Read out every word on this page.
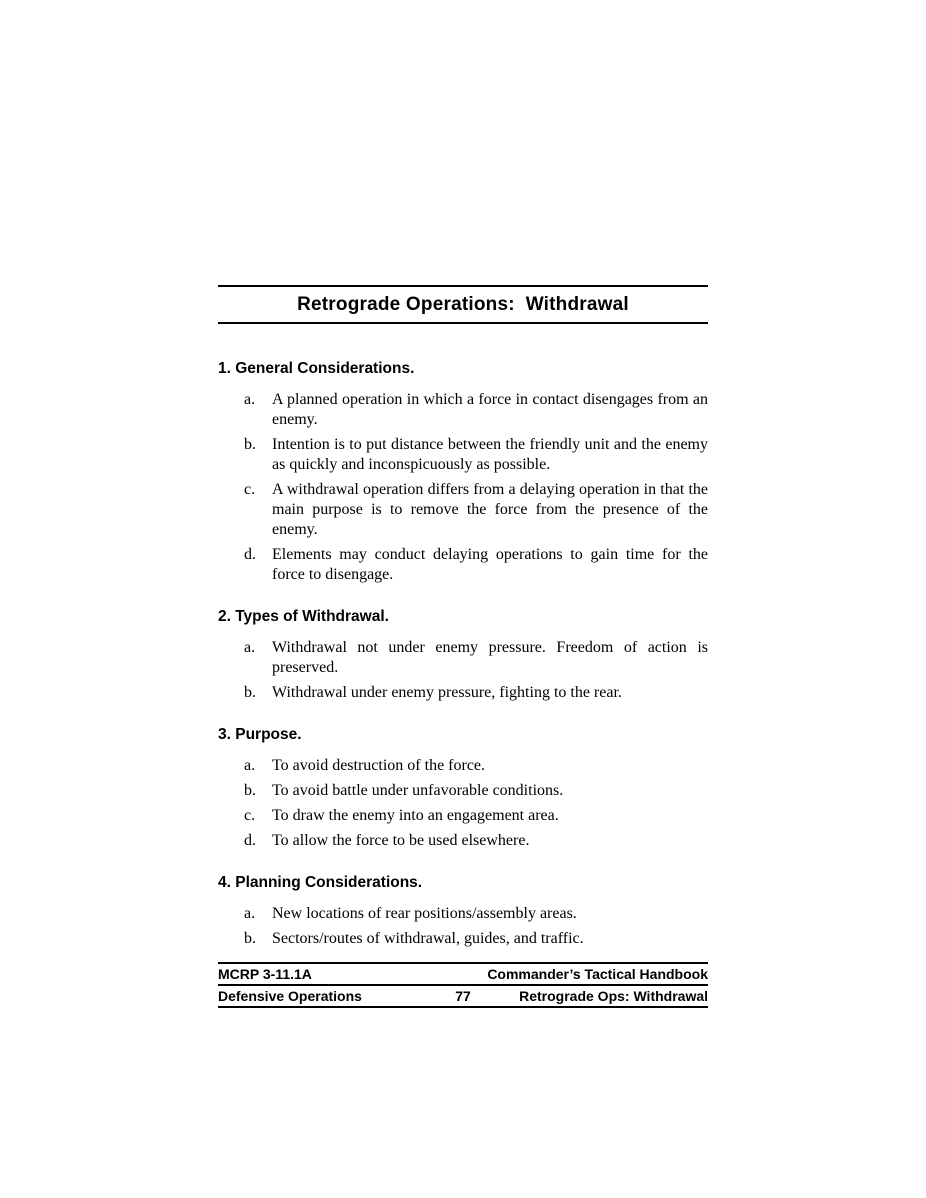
Retrograde Operations:  Withdrawal
1. General Considerations.
a.	A planned operation in which a force in contact disengages from an enemy.
b.	Intention is to put distance between the friendly unit and the enemy as quickly and inconspicuously as possible.
c.	A withdrawal operation differs from a delaying operation in that the main purpose is to remove the force from the presence of the enemy.
d.	Elements may conduct delaying operations to gain time for the force to disengage.
2. Types of Withdrawal.
a.	Withdrawal not under enemy pressure. Freedom of action is preserved.
b.	Withdrawal under enemy pressure, fighting to the rear.
3. Purpose.
a.	To avoid destruction of the force.
b.	To avoid battle under unfavorable conditions.
c.	To draw the enemy into an engagement area.
d.	To allow the force to be used elsewhere.
4. Planning Considerations.
a.	New locations of rear positions/assembly areas.
b.	Sectors/routes of withdrawal, guides, and traffic.
MCRP 3-11.1A	Commander’s Tactical Handbook
Defensive Operations	77	Retrograde Ops: Withdrawal
